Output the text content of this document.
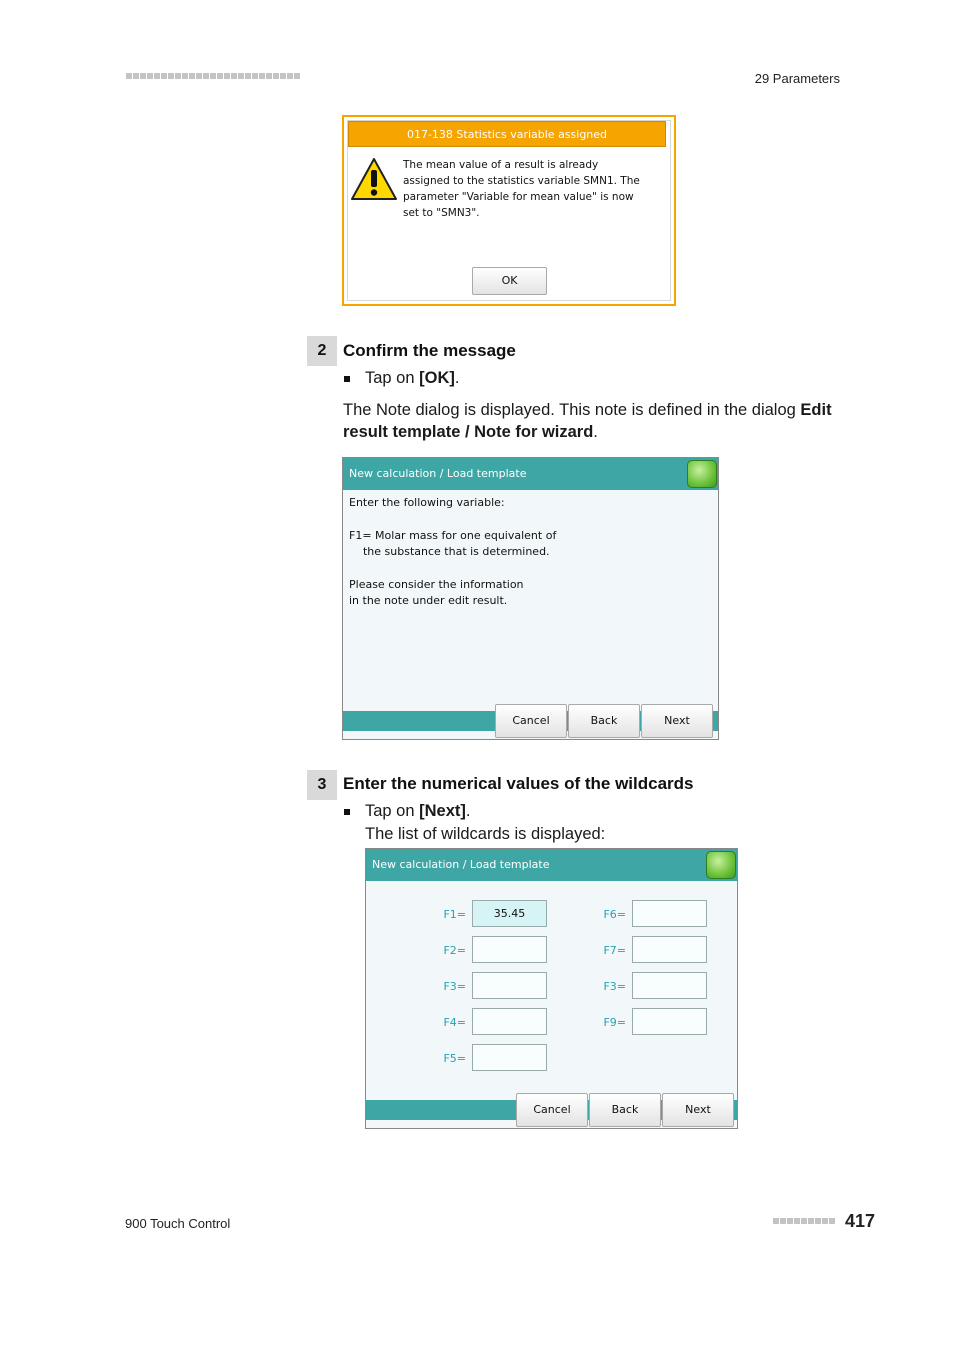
29 Parameters
017-138 Statistics variable assigned
The mean value of a result is already
assigned to the statistics variable SMN1. The
parameter "Variable for mean value" is now
set to "SMN3".
OK
2 Confirm the message
Tap on [OK].
The Note dialog is displayed. This note is defined in the dialog Edit result template / Note for wizard.
New calculation / Load template
Enter the following variable:
F1= Molar mass for one equivalent of
the substance that is determined.
Please consider the information
in the note under edit result.
Cancel	Back	Next
3 Enter the numerical values of the wildcards
Tap on [Next].
The list of wildcards is displayed:
New calculation / Load template
F1=	35.45
F2=
F3=
F4=
F5=
F6=
F7=
F3=
F9=
Cancel	Back	Next
900 Touch Control	417
